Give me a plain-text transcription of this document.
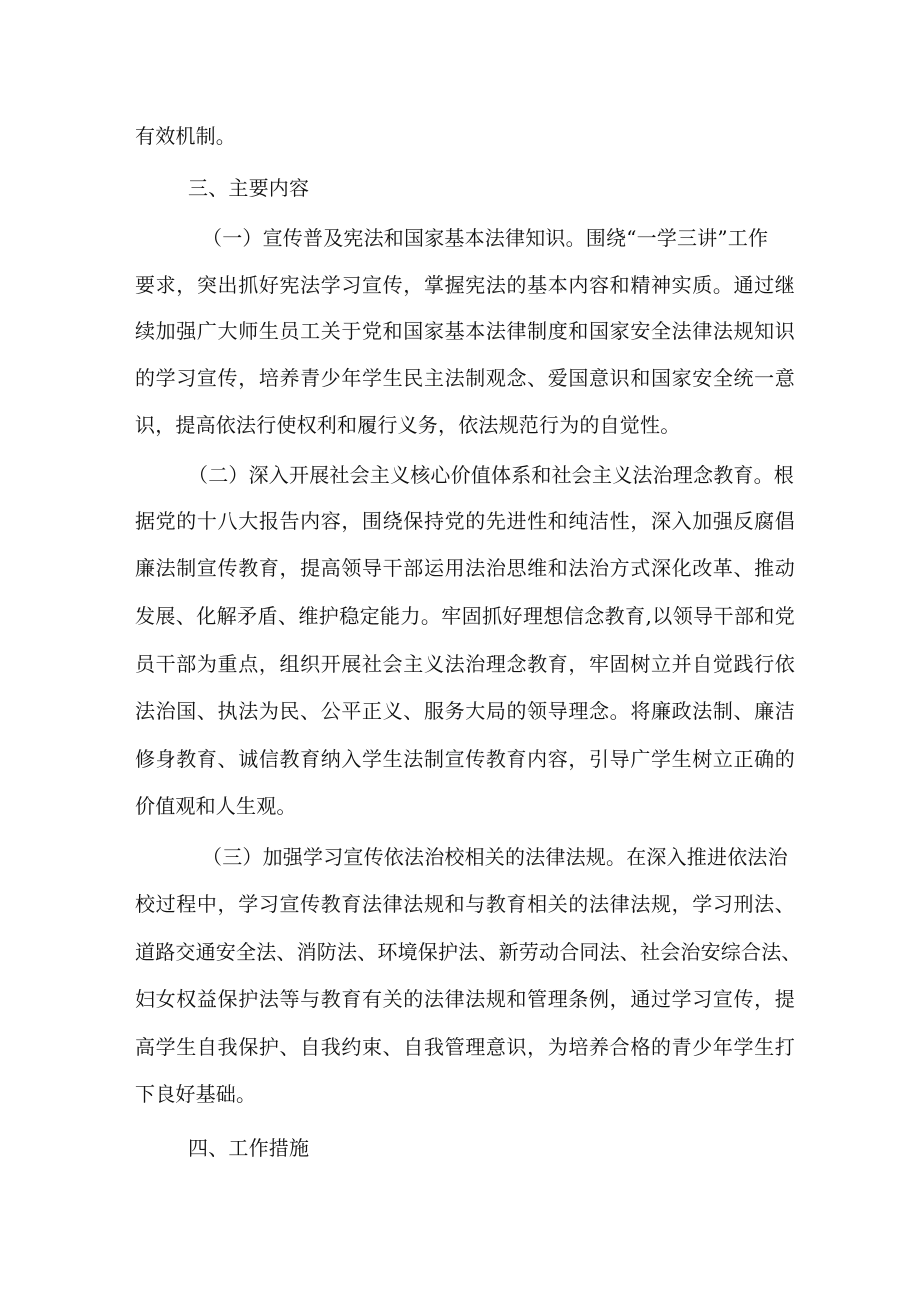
有效机制。
三、主要内容
（一）宣传普及宪法和国家基本法律知识。围绕“一学三讲”工作
要求，突出抓好宪法学习宣传，掌握宪法的基本内容和精神实质。通过继
续加强广大师生员工关于党和国家基本法律制度和国家安全法律法规知识
的学习宣传，培养青少年学生民主法制观念、爱国意识和国家安全统一意
识，提高依法行使权利和履行义务，依法规范行为的自觉性。
（二）深入开展社会主义核心价值体系和社会主义法治理念教育。根
据党的十八大报告内容，围绕保持党的先进性和纯洁性，深入加强反腐倡
廉法制宣传教育，提高领导干部运用法治思维和法治方式深化改革、推动
发展、化解矛盾、维护稳定能力。牢固抓好理想信念教育,以领导干部和党
员干部为重点，组织开展社会主义法治理念教育，牢固树立并自觉践行依
法治国、执法为民、公平正义、服务大局的领导理念。将廉政法制、廉洁
修身教育、诚信教育纳入学生法制宣传教育内容，引导广学生树立正确的
价值观和人生观。
（三）加强学习宣传依法治校相关的法律法规。在深入推进依法治
校过程中，学习宣传教育法律法规和与教育相关的法律法规，学习刑法、
道路交通安全法、消防法、环境保护法、新劳动合同法、社会治安综合法、
妇女权益保护法等与教育有关的法律法规和管理条例，通过学习宣传，提
高学生自我保护、自我约束、自我管理意识，为培养合格的青少年学生打
下良好基础。
四、工作措施
